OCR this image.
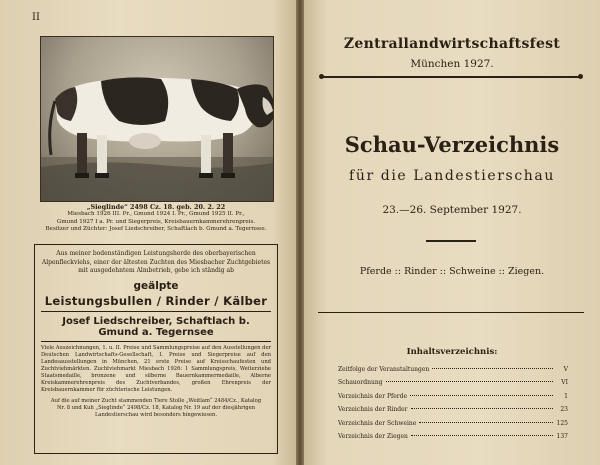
II
„Sieglinde“ 2498 Cz. 18. geb. 20. 2. 22
Miesbach 1926 III. Pr., Gmund 1924 I. Pr., Gmund 1925 II. Pr.,
Gmund 1927 I a. Pr. und Siegerpreis, Kreisbauernkammerehrenpreis.
Besitzer und Züchter: Josef Liedschreiber, Schaftlach b. Gmund a. Tegernsee.
Aus meiner bodenständigen Leistungsherde des oberbayerischen
Alpenfleckviehs, einer der ältesten Zuchten des Miesbacher Zuchtgebietes
mit ausgedehntem Almbetrieb, gebe ich ständig ab
geälpte
Leistungsbullen / Rinder / Kälber
Josef Liedschreiber, Schaftlach b. Gmund a. Tegernsee
Viele Auszeichnungen, 1. u. II. Preise und Sammlungspreise auf den Ausstellungen der Deutschen Landwirtschafts-Gesellschaft, I. Preise und Siegerpreise auf den Landesausstellungen in München, 21 erste Preise auf Kreisschaufesten und Zuchtviehmärkten. Zuchtviehmarkt Miesbach 1926: 1 Sammlungspreis, Weiterziehe Staatsmedaille, bronzene und silberne Bauernkammermedaille, Alberne Kreiskammerehrenpreis des Zuchtverbandes, großen Ehrenpreis der Kreisbauernkammer für züchterische Leistungen.
Auf die auf meiner Zucht stammenden Tiere Stolle „Weitlam“ 2484/Cz., Katalog
Nr. 8 und Kuh „Sieglinde“ 2498/Cz. 18, Katalog Nr. 19 auf der diesjährigen
Landestierschau wird besonders hingewiesen.
Zentrallandwirtschaftsfest
München 1927.
Schau-Verzeichnis
für die Landestierschau
23.—26. September 1927.
Pferde :: Rinder :: Schweine :: Ziegen.
Inhaltsverzeichnis:
Zeitfolge der Veranstaltungen	V
Schauordnung	VI
Verzeichnis der Pferde	1
Verzeichnis der Rinder	23
Verzeichnis der Schweine	125
Verzeichnis der Ziegen	137
